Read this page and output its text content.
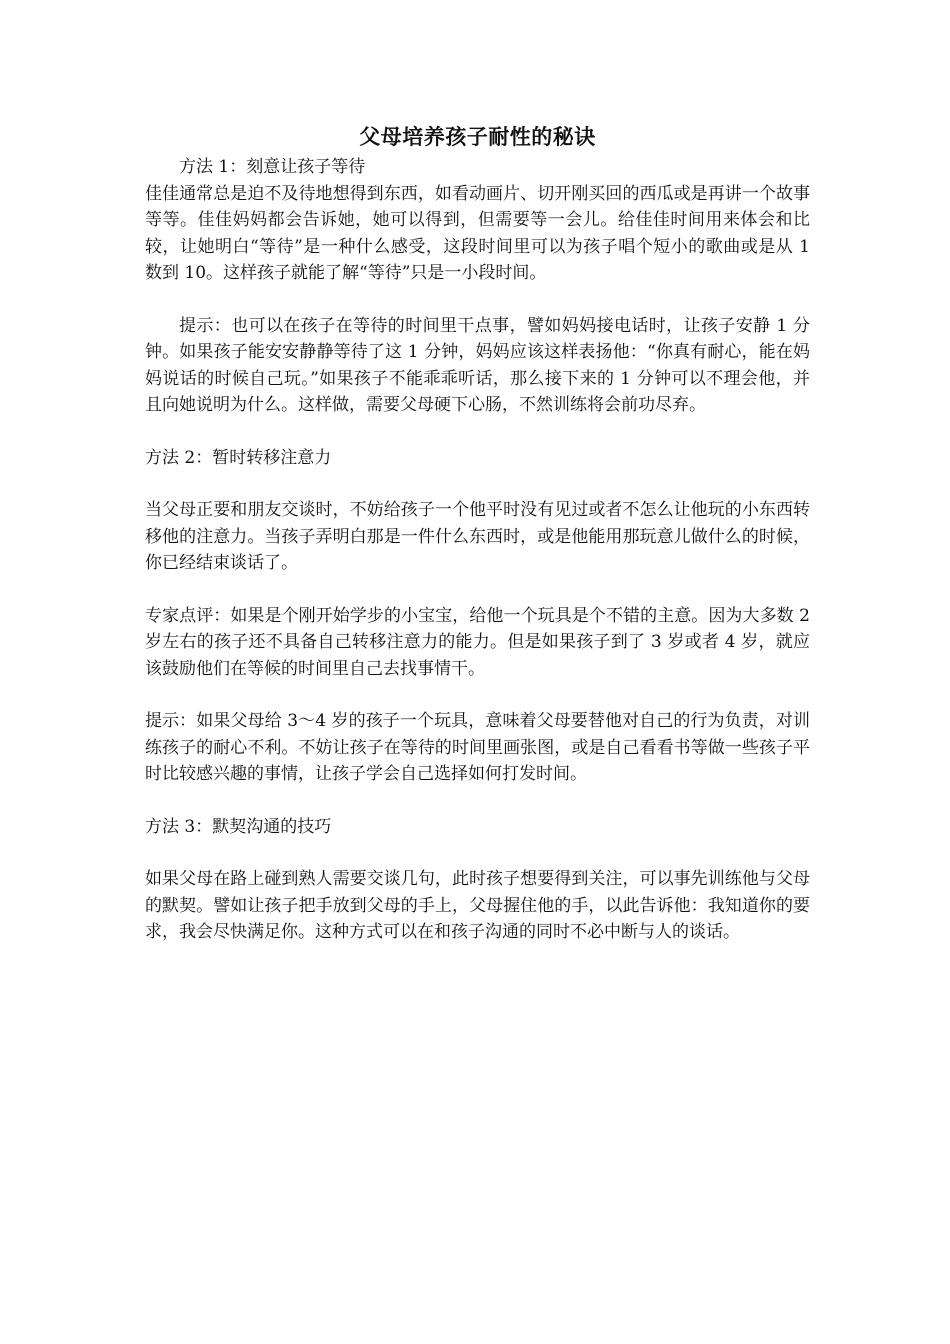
父母培养孩子耐性的秘诀

方法 1：刻意让孩子等待

佳佳通常总是迫不及待地想得到东西，如看动画片、切开刚买回的西瓜或是再讲一个故事等等。佳佳妈妈都会告诉她，她可以得到，但需要等一会儿。给佳佳时间用来体会和比较，让她明白“等待”是一种什么感受，这段时间里可以为孩子唱个短小的歌曲或是从 1 数到 10。这样孩子就能了解“等待”只是一小段时间。

提示：也可以在孩子在等待的时间里干点事，譬如妈妈接电话时，让孩子安静 1 分钟。如果孩子能安安静静等待了这 1 分钟，妈妈应该这样表扬他：“你真有耐心，能在妈妈说话的时候自己玩。”如果孩子不能乖乖听话，那么接下来的 1 分钟可以不理会他，并且向她说明为什么。这样做，需要父母硬下心肠，不然训练将会前功尽弃。

方法 2：暂时转移注意力

当父母正要和朋友交谈时，不妨给孩子一个他平时没有见过或者不怎么让他玩的小东西转移他的注意力。当孩子弄明白那是一件什么东西时，或是他能用那玩意儿做什么的时候，你已经结束谈话了。

专家点评：如果是个刚开始学步的小宝宝，给他一个玩具是个不错的主意。因为大多数 2 岁左右的孩子还不具备自己转移注意力的能力。但是如果孩子到了 3 岁或者 4 岁，就应该鼓励他们在等候的时间里自己去找事情干。

提示：如果父母给 3～4 岁的孩子一个玩具，意味着父母要替他对自己的行为负责，对训练孩子的耐心不利。不妨让孩子在等待的时间里画张图，或是自己看看书等做一些孩子平时比较感兴趣的事情，让孩子学会自己选择如何打发时间。

方法 3：默契沟通的技巧

如果父母在路上碰到熟人需要交谈几句，此时孩子想要得到关注，可以事先训练他与父母的默契。譬如让孩子把手放到父母的手上，父母握住他的手，以此告诉他：我知道你的要求，我会尽快满足你。这种方式可以在和孩子沟通的同时不必中断与人的谈话。
